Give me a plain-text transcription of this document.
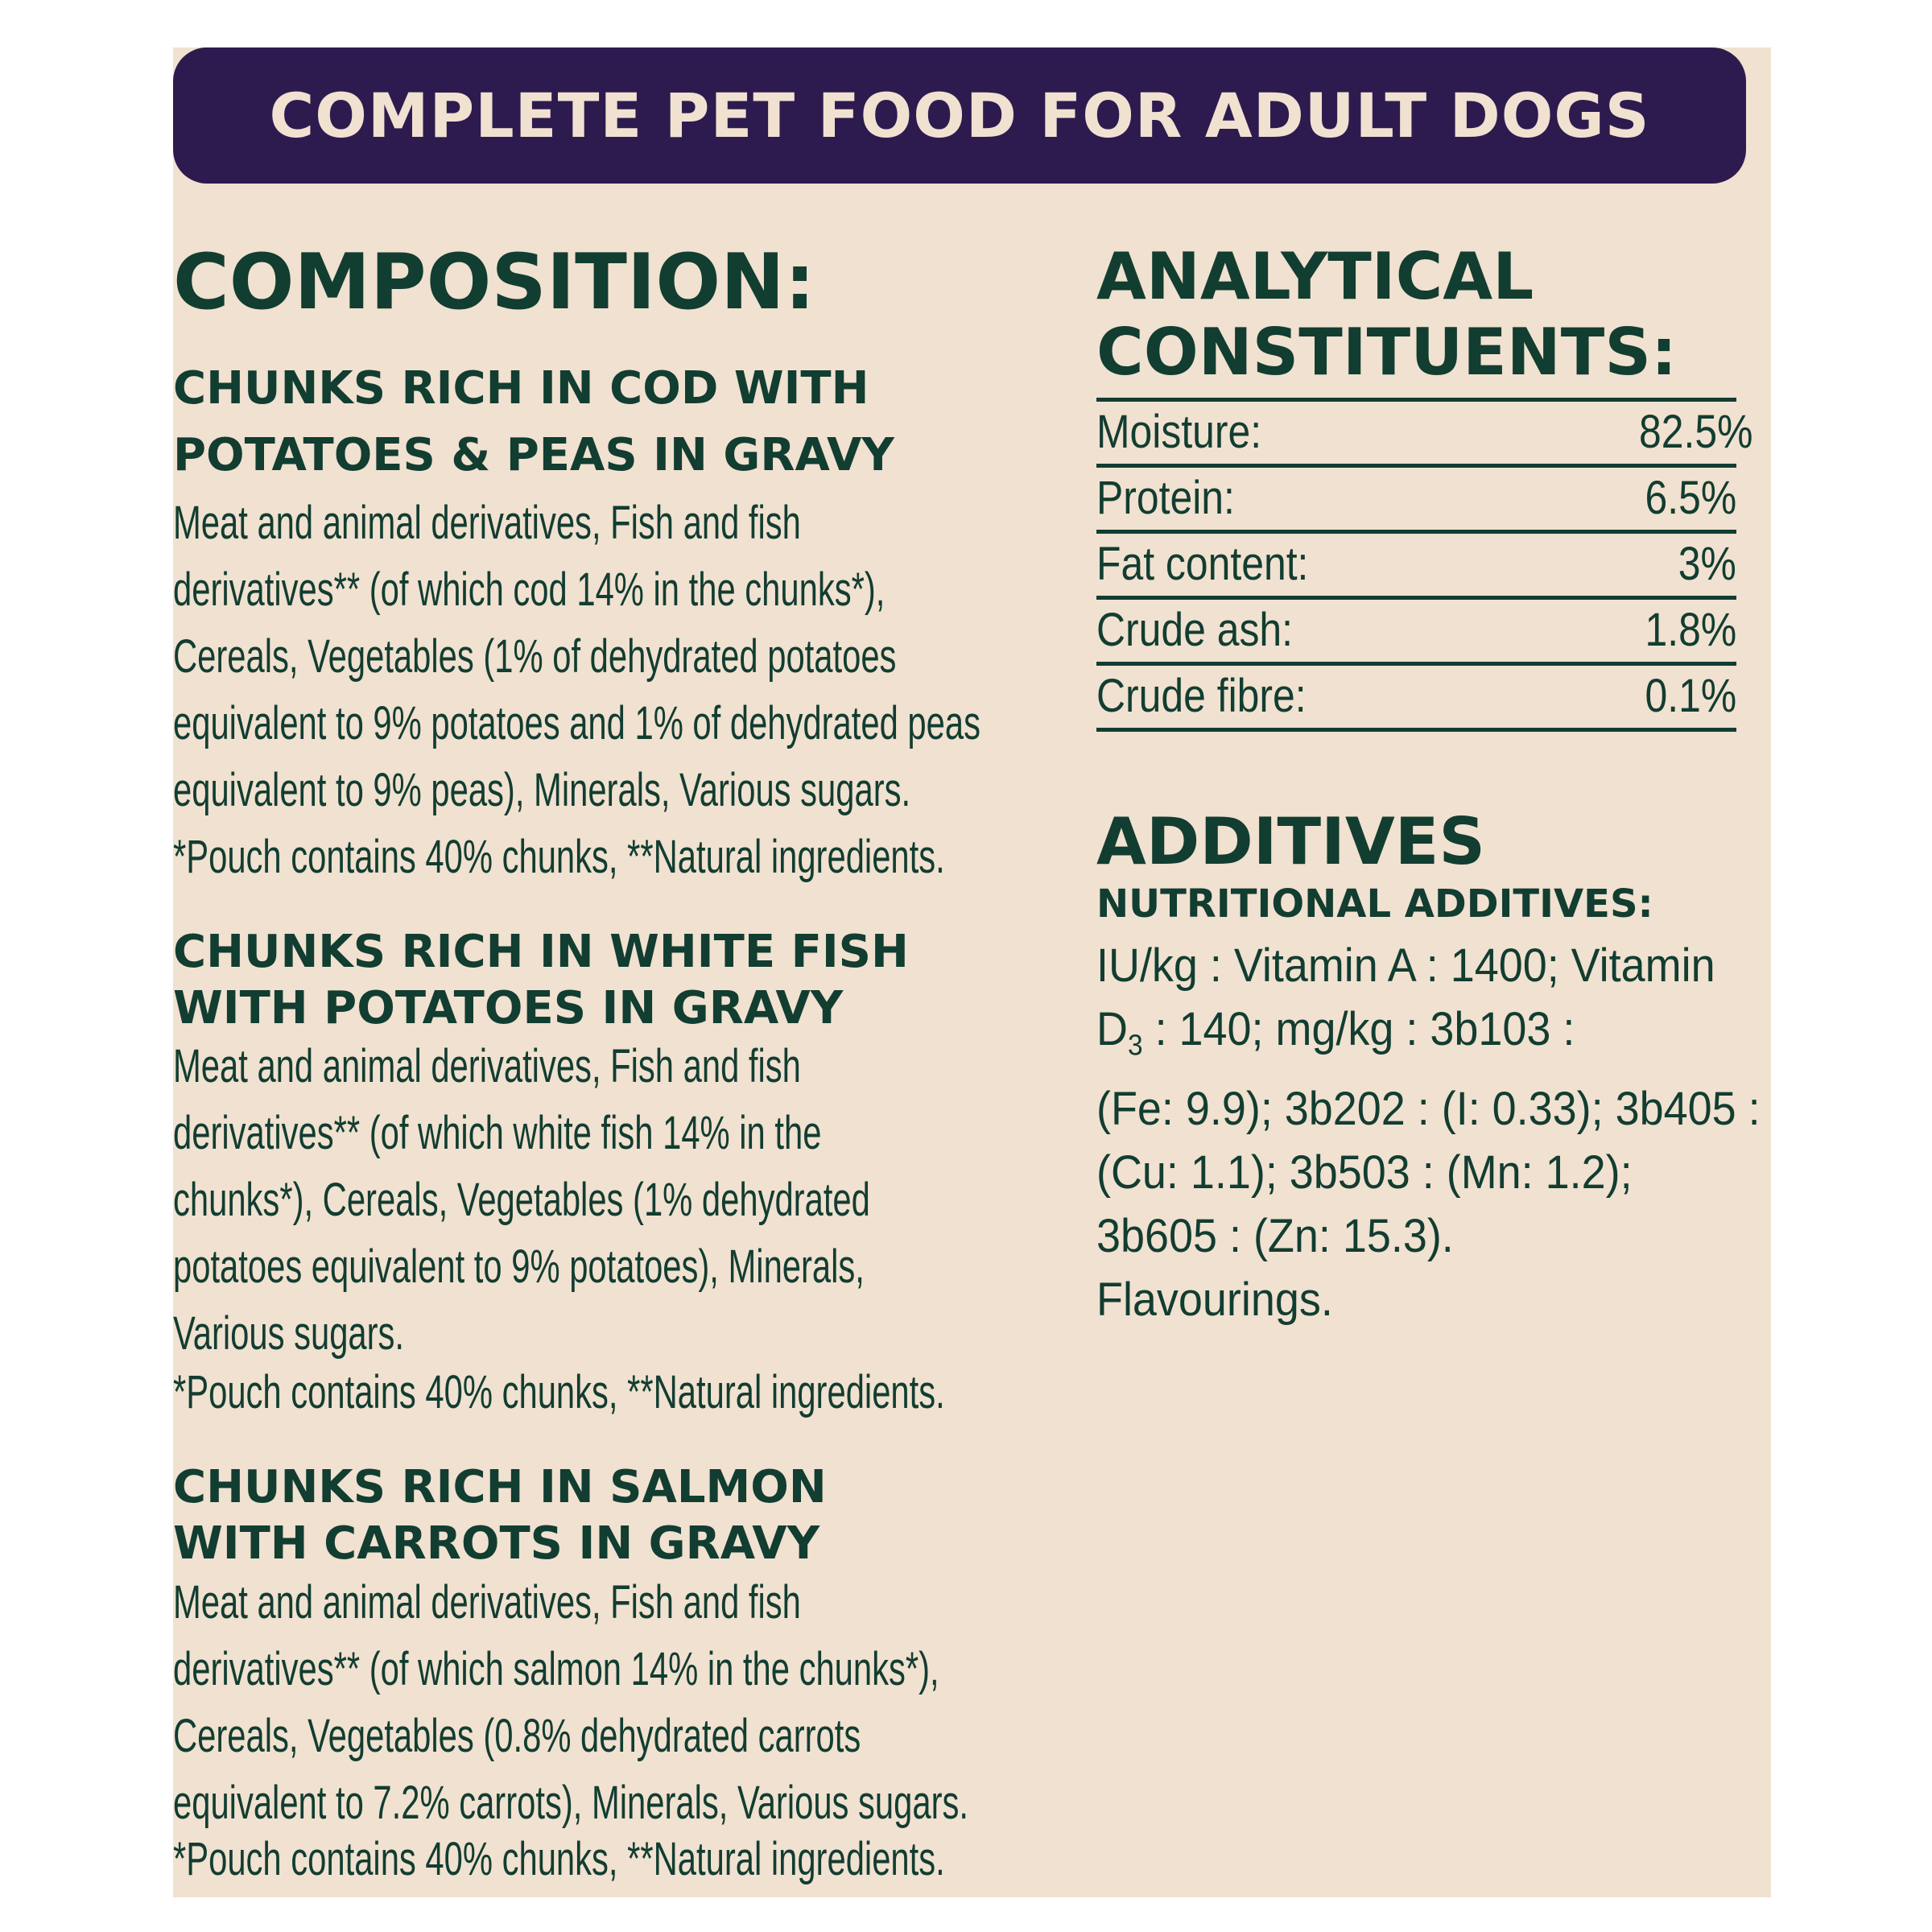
COMPLETE PET FOOD FOR ADULT DOGS
COMPOSITION:

CHUNKS RICH IN COD WITH

POTATOES & PEAS IN GRAVY

Meat and animal derivatives, Fish and fish

derivatives** (of which cod 14% in the chunks*),

Cereals, Vegetables (1% of dehydrated potatoes

equivalent to 9% potatoes and 1% of dehydrated peas

equivalent to 9% peas), Minerals, Various sugars.

*Pouch contains 40% chunks, **Natural ingredients.

CHUNKS RICH IN WHITE FISH

WITH POTATOES IN GRAVY

Meat and animal derivatives, Fish and fish

derivatives** (of which white fish 14% in the

chunks*), Cereals, Vegetables (1% dehydrated

potatoes equivalent to 9% potatoes), Minerals,

Various sugars.

*Pouch contains 40% chunks, **Natural ingredients.

CHUNKS RICH IN SALMON

WITH CARROTS IN GRAVY

Meat and animal derivatives, Fish and fish

derivatives** (of which salmon 14% in the chunks*),

Cereals, Vegetables (0.8% dehydrated carrots

equivalent to 7.2% carrots), Minerals, Various sugars.

*Pouch contains 40% chunks, **Natural ingredients.

ANALYTICAL
CONSTITUENTS:
Moisture:	82.5%
Protein:	6.5%
Fat content:	3%
Crude ash:	1.8%
Crude fibre:	0.1%
ADDITIVES

NUTRITIONAL ADDITIVES:

IU/kg : Vitamin A : 1400; Vitamin
$D_3$ : 140; mg/kg : 3b103 :
(Fe: 9.9); 3b202 : (I: 0.33); 3b405 :
(Cu: 1.1); 3b503 : (Mn: 1.2);
3b605 : (Zn: 15.3).
Flavourings.
